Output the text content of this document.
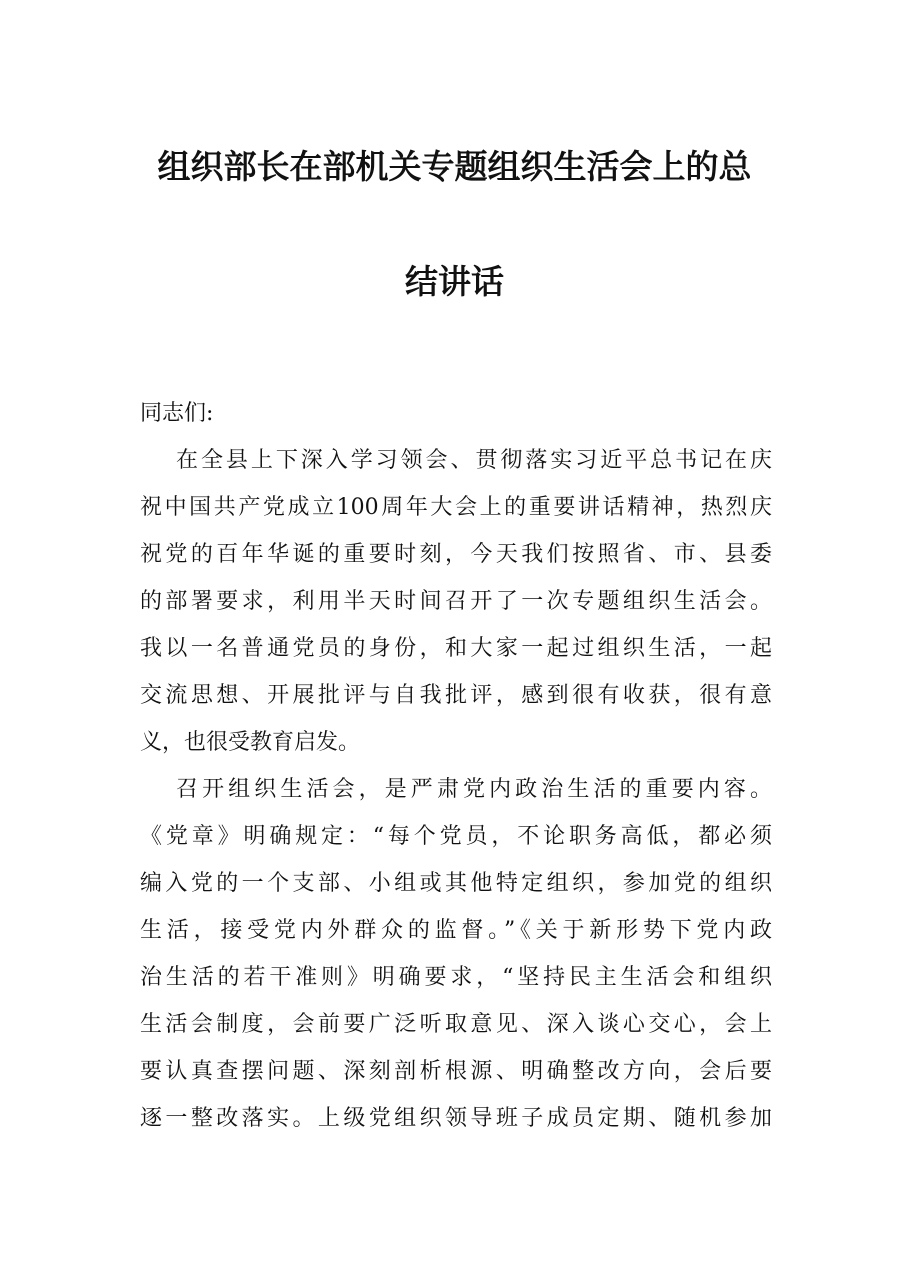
组织部长在部机关专题组织生活会上的总
结讲话
同志们:
在全县上下深入学习领会、贯彻落实习近平总书记在庆
祝中国共产党成立100周年大会上的重要讲话精神，热烈庆
祝党的百年华诞的重要时刻，今天我们按照省、市、县委
的部署要求，利用半天时间召开了一次专题组织生活会。
我以一名普通党员的身份，和大家一起过组织生活，一起
交流思想、开展批评与自我批评，感到很有收获，很有意
义，也很受教育启发。
召开组织生活会，是严肃党内政治生活的重要内容。
《党章》明确规定：“每个党员，不论职务高低，都必须
编入党的一个支部、小组或其他特定组织，参加党的组织
生活，接受党内外群众的监督。”《关于新形势下党内政
治生活的若干准则》明确要求，“坚持民主生活会和组织
生活会制度，会前要广泛听取意见、深入谈心交心，会上
要认真查摆问题、深刻剖析根源、明确整改方向，会后要
逐一整改落实。上级党组织领导班子成员定期、随机参加
